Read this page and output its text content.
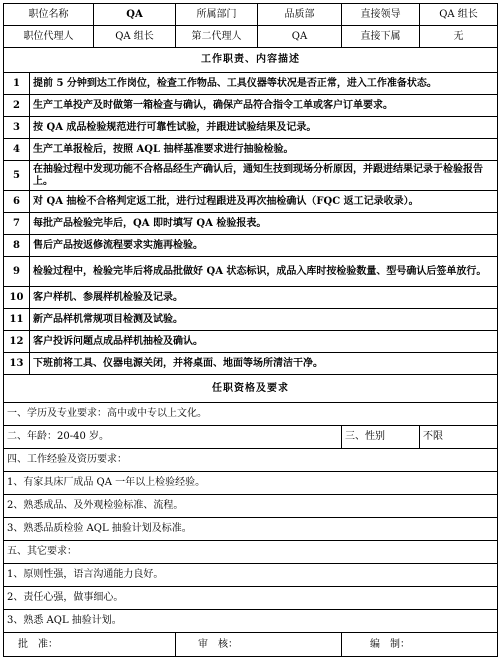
职位名称		QA	所属部门	品质部	直接领导	QA 组长
职位代理人		QA 组长	第二代理人	QA	直接下属	无
工作职责、内容描述						
1	提前 5 分钟到达工作岗位，检查工作物品、工具仪器等状况是否正常，进入工作准备状态。					
2	生产工单投产及时做第一箱检查与确认，确保产品符合指令工单或客户订单要求。					
3	按 QA 成品检验规范进行可靠性试验，并跟进试验结果及记录。					
4	生产工单报检后，按照 AQL 抽样基准要求进行抽验检验。					
5	在抽验过程中发现功能不合格品经生产确认后，通知生技到现场分析原因，并跟进结果记录于检验报告上。					
6	对 QA 抽检不合格判定返工批，进行过程跟进及再次抽检确认（FQC 返工记录收录）。					
7	每批产品检验完毕后，QA 即时填写 QA 检验报表。					
8	售后产品按返修流程要求实施再检验。					
9	检验过程中，检验完毕后将成品批做好 QA 状态标识，成品入库时按检验数量、型号确认后签单放行。					
10	客户样机、参展样机检验及记录。					
11	新产品样机常规项目检测及试验。					
12	客户投诉问题点成品样机抽检及确认。					
13	下班前将工具、仪器电源关闭，并将桌面、地面等场所清洁干净。					
任职资格及要求						
一、学历及专业要求：高中或中专以上文化。						
二、年龄：20-40 岁。					三、性别	不限
四、工作经验及资历要求：						
1、有家具床厂成品 QA 一年以上检验经验。						
2、熟悉成品、及外观检验标准、流程。						
3、熟悉品质检验 AQL 抽验计划及标准。						
五、其它要求：						
1、原则性强，语言沟通能力良好。						
2、责任心强，做事细心。						
3、熟悉 AQL 抽验计划。						
批　准：			审　核：		编　制：	
